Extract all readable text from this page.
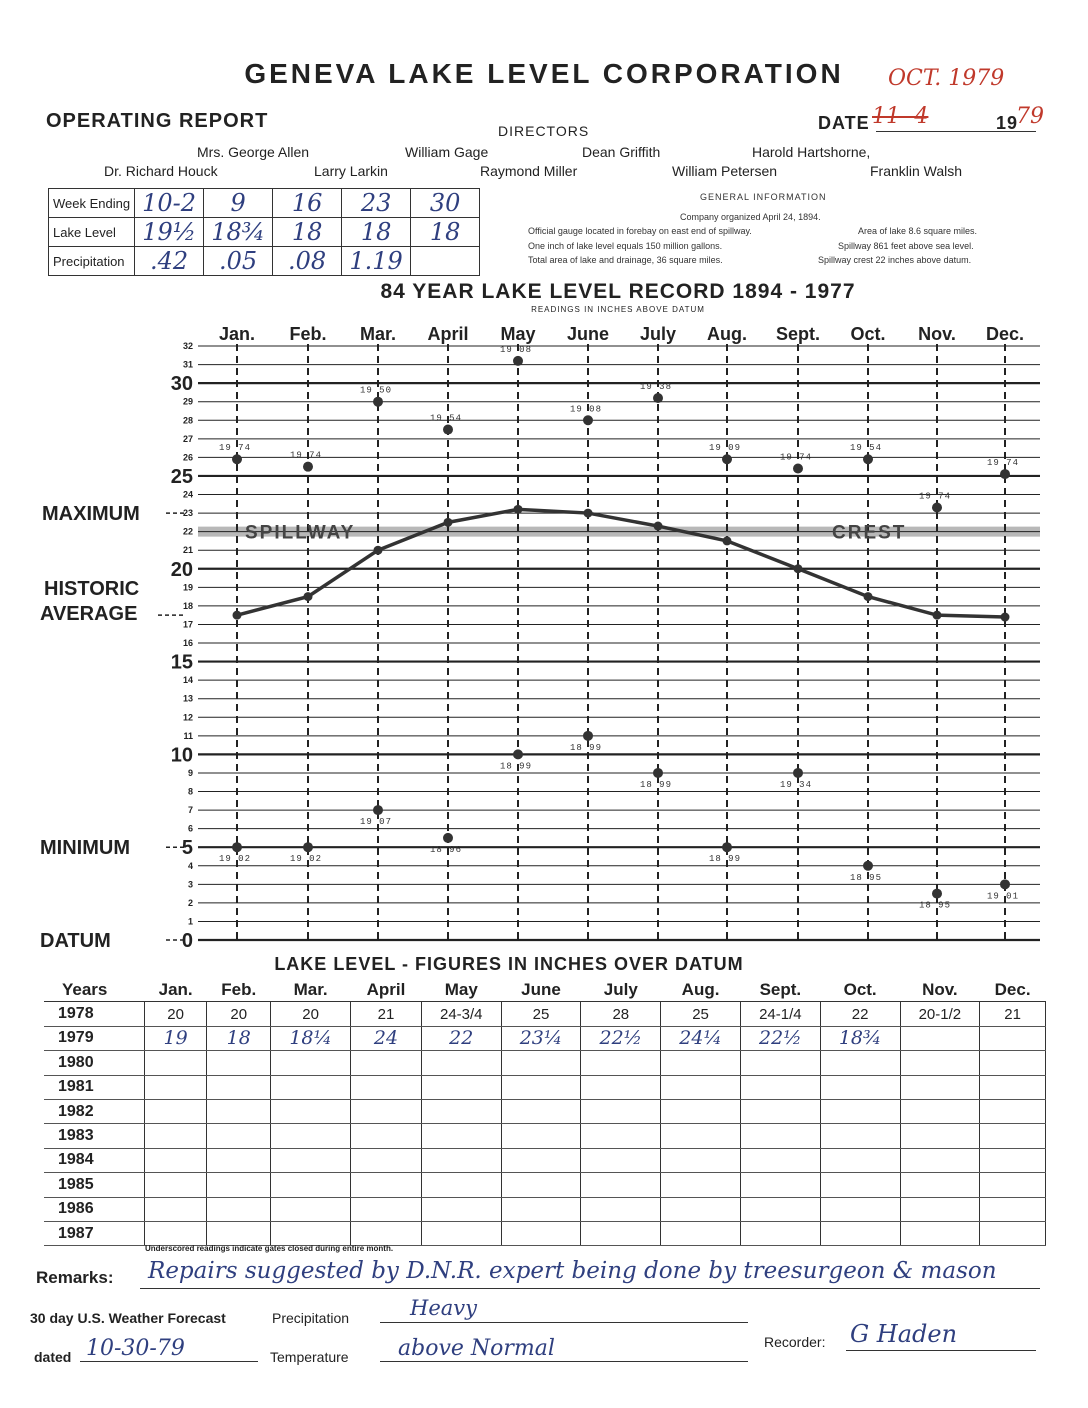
GENEVA LAKE LEVEL CORPORATION	OCT. 1979
OPERATING REPORT	DIRECTORS	DATE 11- 4	19
79
Mrs. George Allen	William Gage	Dean Griffith	Harold Hartshorne,
Dr. Richard Houck	Larry Larkin	Raymond Miller	William Petersen	Franklin Walsh
Week Ending	10-2	9	16	23	30
Lake Level	19½	18¾	18	18	18
Precipitation	.42	.05	.08	1.19	
GENERAL INFORMATION
Company organized April 24, 1894.
Official gauge located in forebay on east end of spillway.
One inch of lake level equals 150 million gallons.
Total area of lake and drainage, 36 square miles.
Area of lake 8.6 square miles.
Spillway 861 feet above sea level.
Spillway crest 22 inches above datum.
84 YEAR LAKE LEVEL RECORD 1894 - 1977
READINGS IN INCHES ABOVE DATUM
0
1
2
3
4
5
6
7
8
9
10
11
12
13
14
15
16
17
18
19
20
21
22
23
24
25
26
27
28
29
30
31
32
Jan. Feb. Mar. April May June July Aug. Sept. Oct. Nov. Dec.
SPILLWAY	CREST
MAXIMUM
DATUM
MINIMUM
HISTORIC
AVERAGE
19 74
19 74
19 50
19 54
19 08
19 08
19 38
19 09
19 74
19 54
19 74
19 74
19 02	19 02
19 07
18 96
18 99
18 99
18 99
18 99
19 34
18 95
18 95
19 01
LAKE LEVEL - FIGURES IN INCHES OVER DATUM
Years	Jan.	Feb.	Mar.	April	May	June	July	Aug.	Sept.	Oct.	Nov.	Dec.
1978	20	20	20	21	24-3/4	25	28	25	24-1/4	22	20-1/2	21
1979	19	18	18¼	24	22	23¼	22½	24¼	22½	18¾		
1980												
1981												
1982												
1983												
1984												
1985												
1986												
1987												
Underscored readings indicate gates closed during entire month.
Remarks: Repairs suggested by D.N.R. expert being done by treesurgeon & mason
30 day U.S. Weather Forecast	Precipitation	Heavy
dated 10-30-79	Temperature above Normal	Recorder: G Haden
